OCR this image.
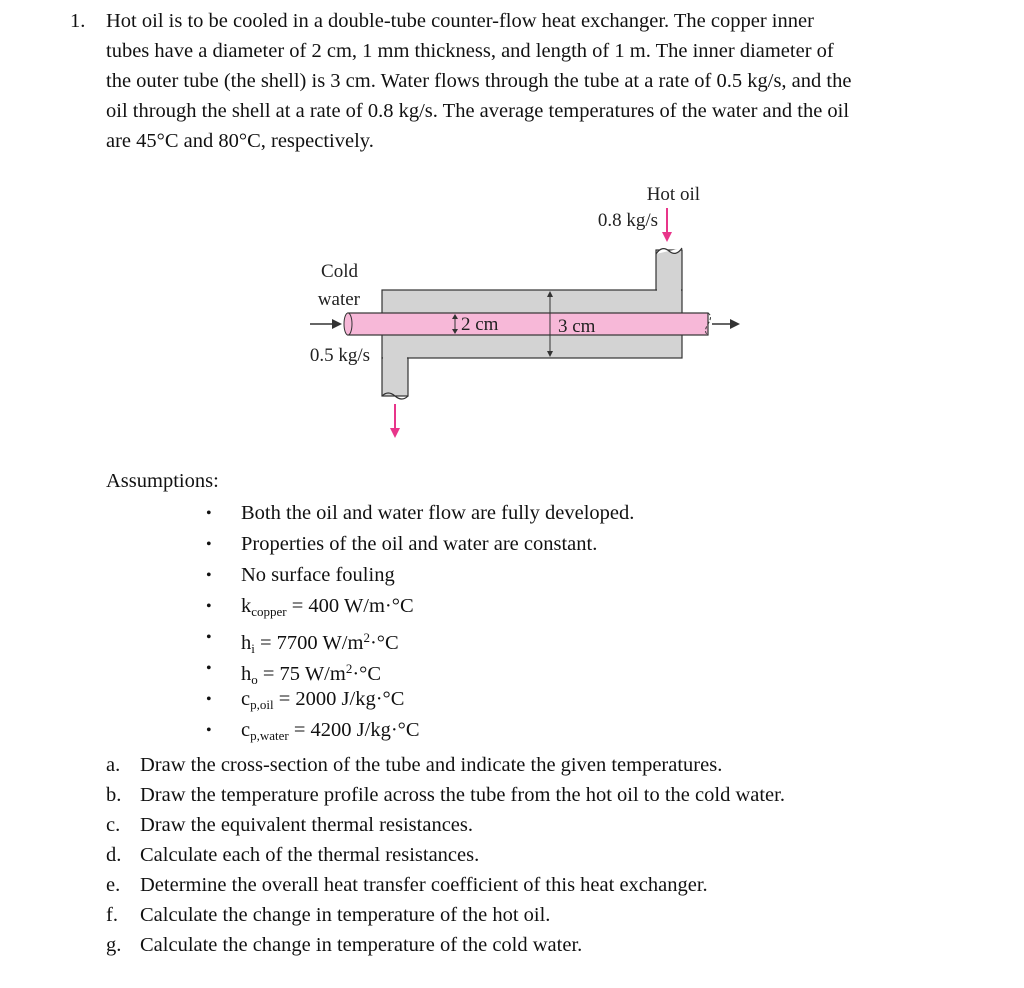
1. Hot oil is to be cooled in a double-tube counter-flow heat exchanger. The copper inner
tubes have a diameter of 2 cm, 1 mm thickness, and length of 1 m. The inner diameter of
the outer tube (the shell) is 3 cm. Water flows through the tube at a rate of 0.5 kg/s, and the
oil through the shell at a rate of 0.8 kg/s. The average temperatures of the water and the oil
are 45°C and 80°C, respectively.
2 cm	3 cm
Hot oil
0.8 kg/s
Cold
water
0.5 kg/s
Assumptions:
• Both the oil and water flow are fully developed.
• Properties of the oil and water are constant.
• No surface fouling
• $k_{copper} = 400$ W/m·°C
• $h_i = 7700$ $W/m^2\cdot^\circ C$
• $h_o = 75$ $W/m^2\cdot^\circ C$
• $c_{p,oil} = 2000$ J/kg·°C
• $c_{p,water} = 4200$ J/kg·°C
a. Draw the cross-section of the tube and indicate the given temperatures.
b. Draw the temperature profile across the tube from the hot oil to the cold water.
c. Draw the equivalent thermal resistances.
d. Calculate each of the thermal resistances.
e. Determine the overall heat transfer coefficient of this heat exchanger.
f. Calculate the change in temperature of the hot oil.
g. Calculate the change in temperature of the cold water.
